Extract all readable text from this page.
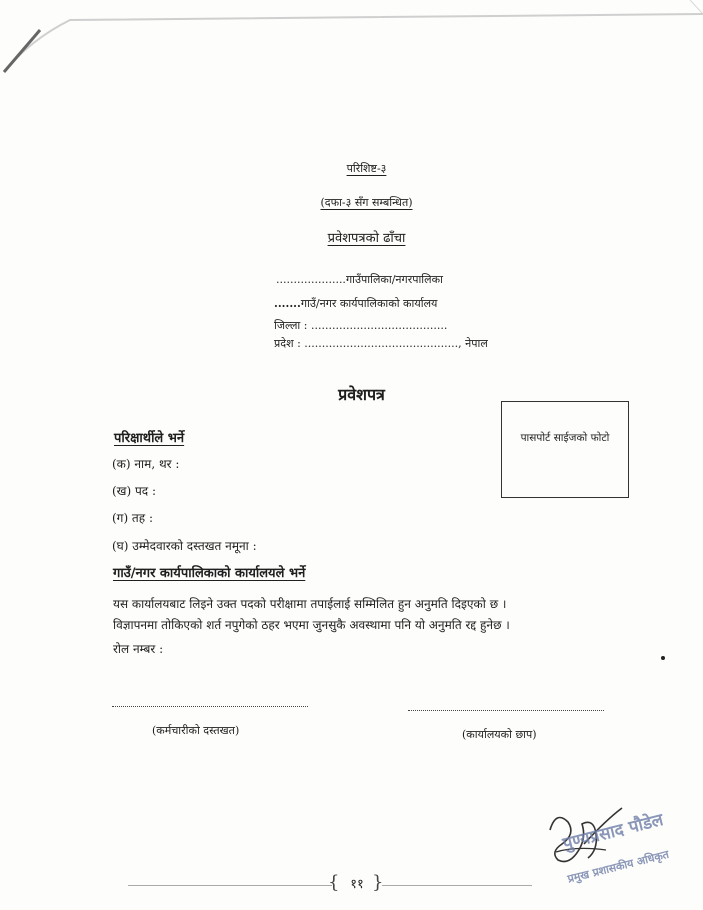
परिशिष्ट-३
(दफा-३ सँग सम्बन्धित)
प्रवेशपत्रको ढाँचा
....................गाउँपालिका/नगरपालिका
.......गाउँ/नगर कार्यपालिकाको कार्यालय
जिल्ला : .......................................
प्रदेश : ............................................, नेपाल
प्रवेशपत्र
पासपोर्ट साईजको फोटो
परिक्षार्थीले भर्ने
(क) नाम, थर :
(ख) पद :
(ग) तह :
(घ) उम्मेदवारको दस्तखत नमूना :
गाउँ/नगर कार्यपालिकाको कार्यालयले भर्ने
यस कार्यालयबाट लिइने उक्त पदको परीक्षामा तपाईलाई सम्मिलित हुन अनुमति दिइएको छ ।
विज्ञापनमा तोकिएको शर्त नपुगेको ठहर भएमा जुनसुकै अवस्थामा पनि यो अनुमति रद्द हुनेछ ।
रोल नम्बर :
(कर्मचारीको दस्तखत)	(कार्यालयको छाप)
पुण्यप्रसाद पौडेल
प्रमुख प्रशासकीय अधिकृत
{ }
११
